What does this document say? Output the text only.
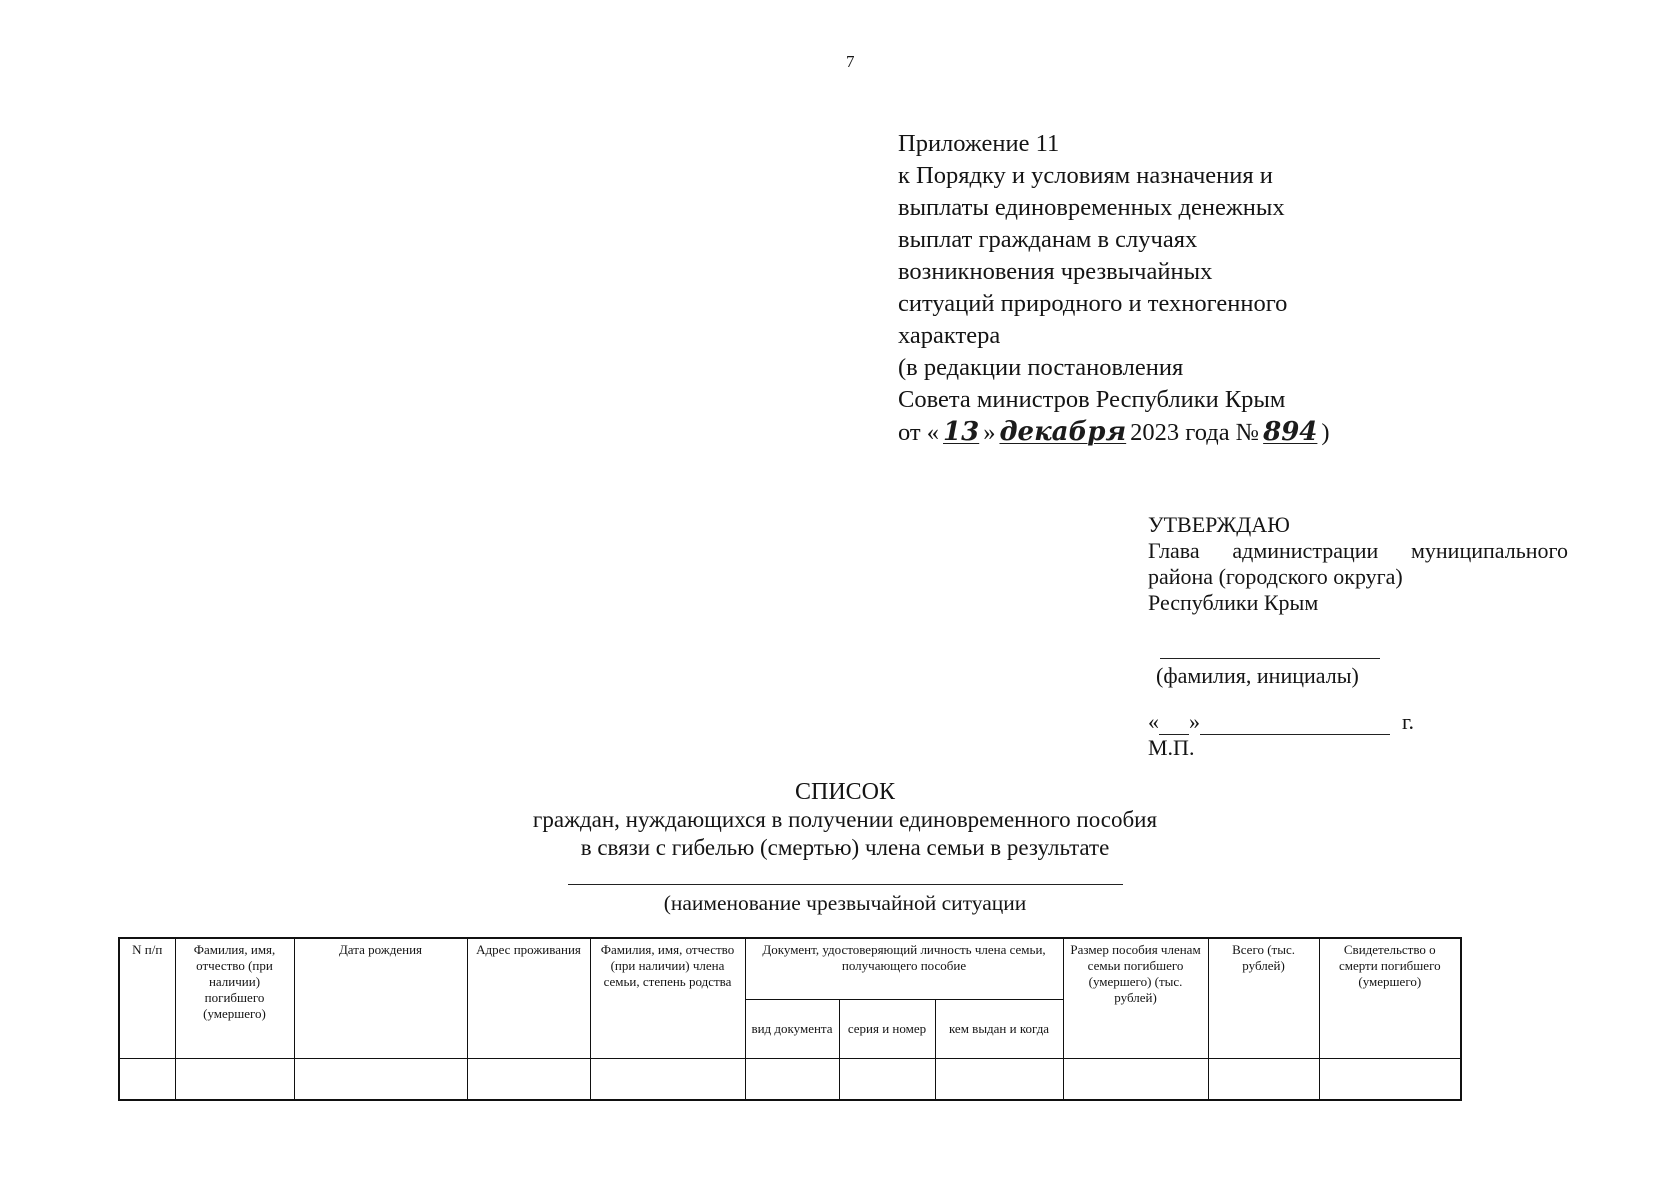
7
Приложение 11
к Порядку и условиям назначения и
выплаты единовременных денежных
выплат гражданам в случаях
возникновения чрезвычайных
ситуаций природного и техногенного
характера
(в редакции постановления
Совета министров Республики Крым
от « 13 » декабря 2023 года № 894 )
УТВЕРЖДАЮ
Глава администрации муниципального
района (городского округа)
Республики Крым
(фамилия, инициалы)
« »	г.
М.П.
СПИСОК
граждан, нуждающихся в получении единовременного пособия
в связи с гибелью (смертью) члена семьи в результате
(наименование чрезвычайной ситуации
N п/п	Фамилия, имя, отчество (при наличии) погибшего (умершего)	Дата рождения	Адрес проживания	Фамилия, имя, отчество (при наличии) члена семьи, степень родства	Документ, удостоверяющий личность члена семьи, получающего пособие			Размер пособия членам семьи погибшего (умершего) (тыс. рублей)	Всего (тыс. рублей)	Свидетельство о смерти погибшего (умершего)
					вид документа	серия и номер	кем выдан и когда			
